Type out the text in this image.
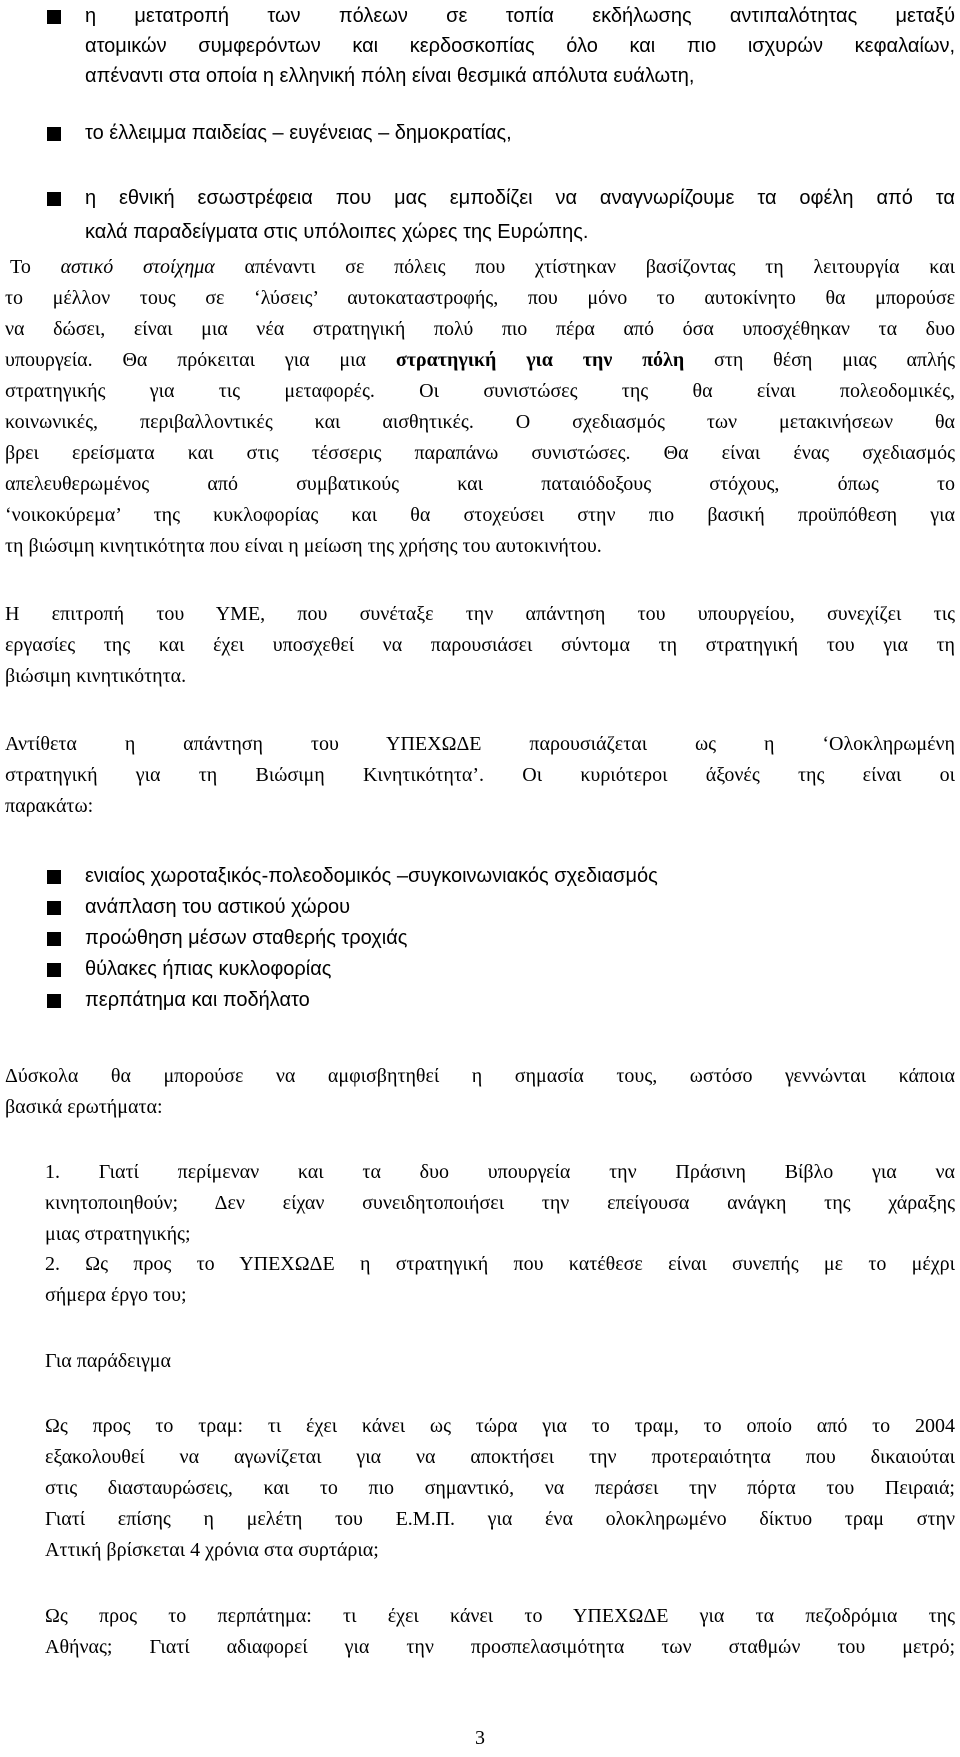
η μετατροπή των πόλεων σε τοπία εκδήλωσης αντιπαλότητας μεταξύ
ατομικών συμφερόντων και κερδοσκοπίας όλο και πιο ισχυρών κεφαλαίων,
απέναντι στα οποία η ελληνική πόλη είναι θεσμικά απόλυτα ευάλωτη,
το έλλειμμα παιδείας – ευγένειας – δημοκρατίας,
η εθνική εσωστρέφεια που μας εμποδίζει να αναγνωρίζουμε τα οφέλη από τα
καλά παραδείγματα στις υπόλοιπες χώρες της Ευρώπης.
Το αστικό στοίχημα απέναντι σε πόλεις που χτίστηκαν βασίζοντας τη λειτουργία και
το μέλλον τους σε ‘λύσεις’ αυτοκαταστροφής, που μόνο το αυτοκίνητο θα μπορούσε
να δώσει, είναι μια νέα στρατηγική πολύ πιο πέρα από όσα υποσχέθηκαν τα δυο
υπουργεία. Θα πρόκειται για μια στρατηγική για την πόλη στη θέση μιας απλής
στρατηγικής για τις μεταφορές. Οι συνιστώσες της θα είναι πολεοδομικές,
κοινωνικές, περιβαλλοντικές και αισθητικές. Ο σχεδιασμός των μετακινήσεων θα
βρει ερείσματα και στις τέσσερις παραπάνω συνιστώσες. Θα είναι ένας σχεδιασμός
απελευθερωμένος από συμβατικούς και παταιόδοξους στόχους, όπως το
‘νοικοκύρεμα’ της κυκλοφορίας και θα στοχεύσει στην πιο βασική προϋπόθεση για
τη βιώσιμη κινητικότητα που είναι η μείωση της χρήσης του αυτοκινήτου.
Η επιτροπή του ΥΜΕ, που συνέταξε την απάντηση του υπουργείου, συνεχίζει τις
εργασίες της και έχει υποσχεθεί να παρουσιάσει σύντομα τη στρατηγική του για τη
βιώσιμη κινητικότητα.
Αντίθετα η απάντηση του ΥΠΕΧΩΔΕ παρουσιάζεται ως η ‘Ολοκληρωμένη
στρατηγική για τη Βιώσιμη Κινητικότητα’. Οι κυριότεροι άξονές της είναι οι
παρακάτω:
ενιαίος χωροταξικός-πολεοδομικός –συγκοινωνιακός σχεδιασμός
ανάπλαση του αστικού χώρου
προώθηση μέσων σταθερής τροχιάς
θύλακες ήπιας κυκλοφορίας
περπάτημα και ποδήλατο
Δύσκολα θα μπορούσε να αμφισβητηθεί η σημασία τους, ωστόσο γεννώνται κάποια
βασικά ερωτήματα:
1. Γιατί περίμεναν και τα δυο υπουργεία την Πράσινη Βίβλο για να
κινητοποιηθούν; Δεν είχαν συνειδητοποιήσει την επείγουσα ανάγκη της χάραξης
μιας στρατηγικής;
2. Ως προς το ΥΠΕΧΩΔΕ η στρατηγική που κατέθεσε είναι συνεπής με το μέχρι
σήμερα έργο του;
Για παράδειγμα
Ως προς το τραμ: τι έχει κάνει ως τώρα για το τραμ, το οποίο από το 2004
εξακολουθεί να αγωνίζεται για να αποκτήσει την προτεραιότητα που δικαιούται
στις διασταυρώσεις, και το πιο σημαντικό, να περάσει την πόρτα του Πειραιά;
Γιατί επίσης η μελέτη του Ε.Μ.Π. για ένα ολοκληρωμένο δίκτυο τραμ στην
Αττική βρίσκεται 4 χρόνια στα συρτάρια;
Ως προς το περπάτημα: τι έχει κάνει το ΥΠΕΧΩΔΕ για τα πεζοδρόμια της
Αθήνας; Γιατί αδιαφορεί για την προσπελασιμότητα των σταθμών του μετρό;
3
